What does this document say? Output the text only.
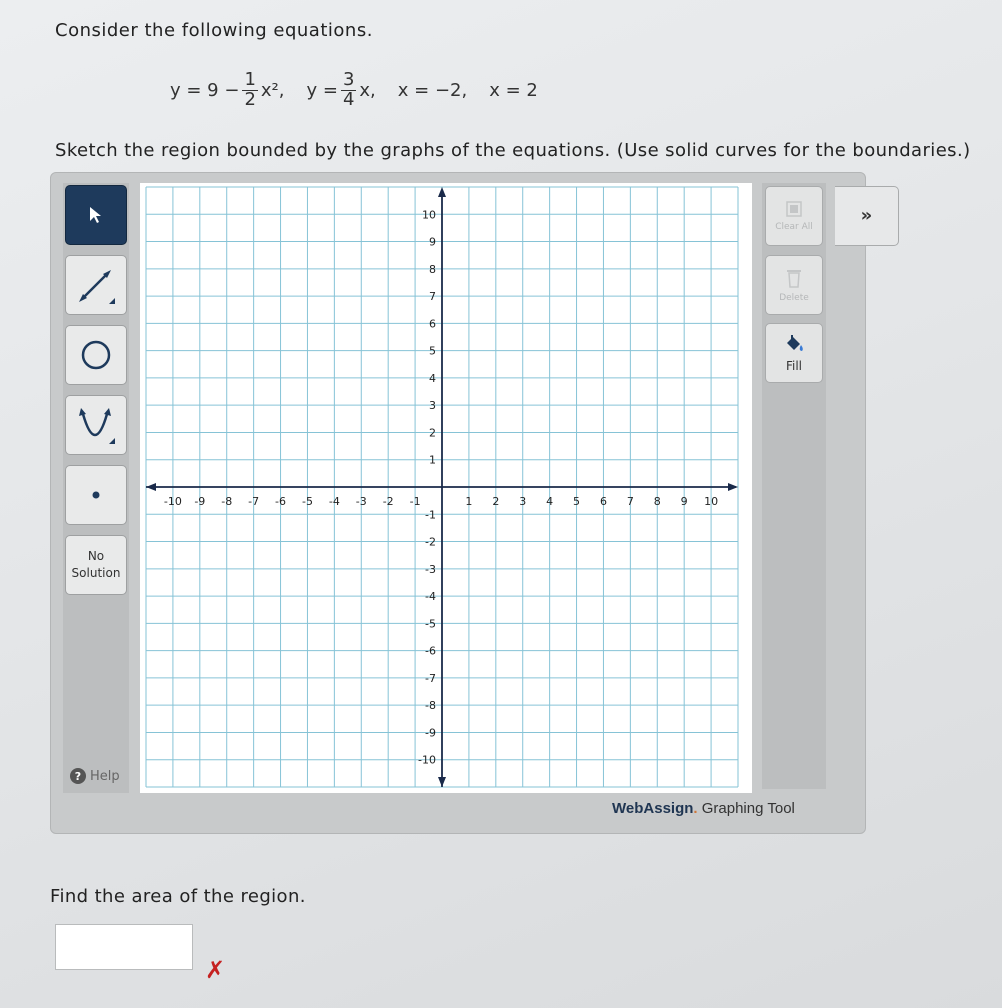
Consider the following equations.
$y = 9 - \frac{1}{2} x^2$, $y = \frac{3}{4} x$, x = −2, x = 2
Sketch the region bounded by the graphs of the equations. (Use solid curves for the boundaries.)
No
Solution
? Help
-10 -9 -8 -7 -6 -5 -4 -3 -2 -1	1 2 3 4 5 6 7 8 9 10
10
9
8
7
6
5
4
3
2
1
-1
-2
-3
-4
-5
-6
-7
-8
-9
-10
Clear All
Delete
Fill
»
WebAssign. Graphing Tool
Find the area of the region.
✗
